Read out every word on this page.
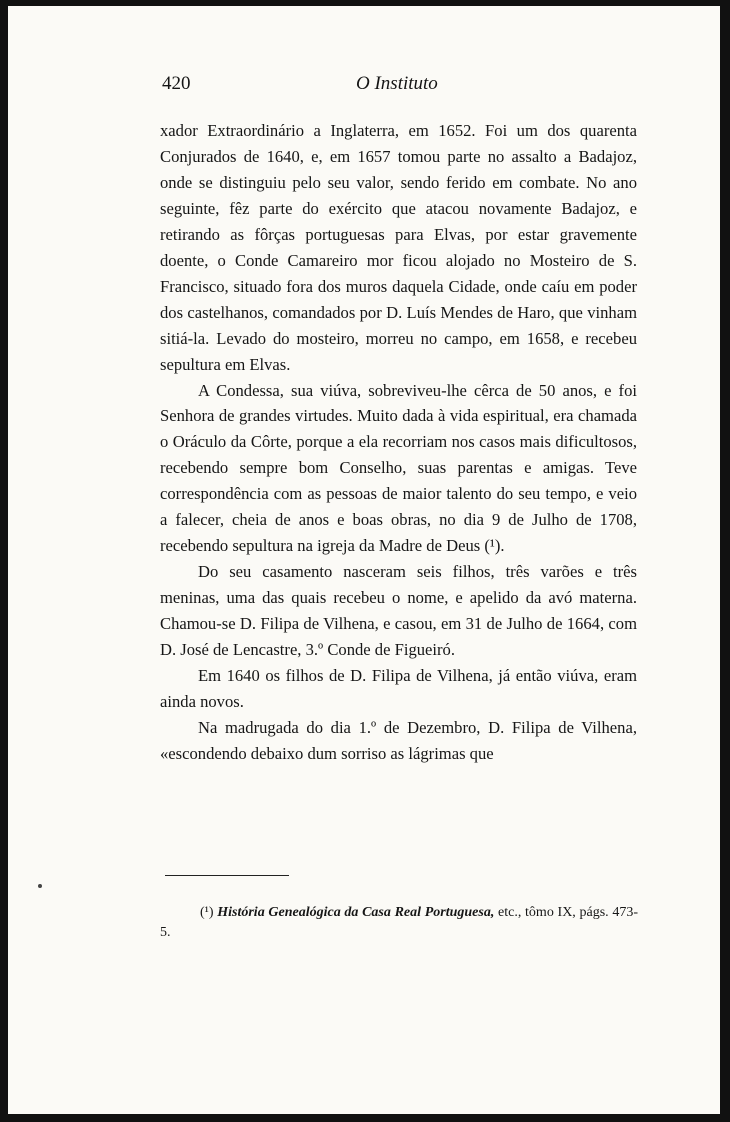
420	O Instituto

xador Extraordinário a Inglaterra, em 1652. Foi um dos quarenta Conjurados de 1640, e, em 1657 tomou parte no assalto a Badajoz, onde se distinguiu pelo seu valor, sendo ferido em combate. No ano seguinte, fêz parte do exército que atacou novamente Badajoz, e retirando as fôrças portuguesas para Elvas, por estar gravemente doente, o Conde Camareiro mor ficou alojado no Mosteiro de S. Francisco, situado fora dos muros daquela Cidade, onde caíu em poder dos castelhanos, comandados por D. Luís Mendes de Haro, que vinham sitiá-la. Levado do mosteiro, morreu no campo, em 1658, e recebeu sepultura em Elvas.

A Condessa, sua viúva, sobreviveu-lhe cêrca de 50 anos, e foi Senhora de grandes virtudes. Muito dada à vida espiritual, era chamada o Oráculo da Côrte, porque a ela recorriam nos casos mais dificultosos, recebendo sempre bom Conselho, suas parentas e amigas. Teve correspondência com as pessoas de maior talento do seu tempo, e veio a falecer, cheia de anos e boas obras, no dia 9 de Julho de 1708, recebendo sepultura na igreja da Madre de Deus (¹).

Do seu casamento nasceram seis filhos, três varões e três meninas, uma das quais recebeu o nome, e apelido da avó materna. Chamou-se D. Filipa de Vilhena, e casou, em 31 de Julho de 1664, com D. José de Lencastre, 3.º Conde de Figueiró.

Em 1640 os filhos de D. Filipa de Vilhena, já então viúva, eram ainda novos.

Na madrugada do dia 1.º de Dezembro, D. Filipa de Vilhena, «escondendo debaixo dum sorriso as lágrimas que

(¹) História Genealógica da Casa Real Portuguesa, etc., tômo IX, págs. 473-5.
